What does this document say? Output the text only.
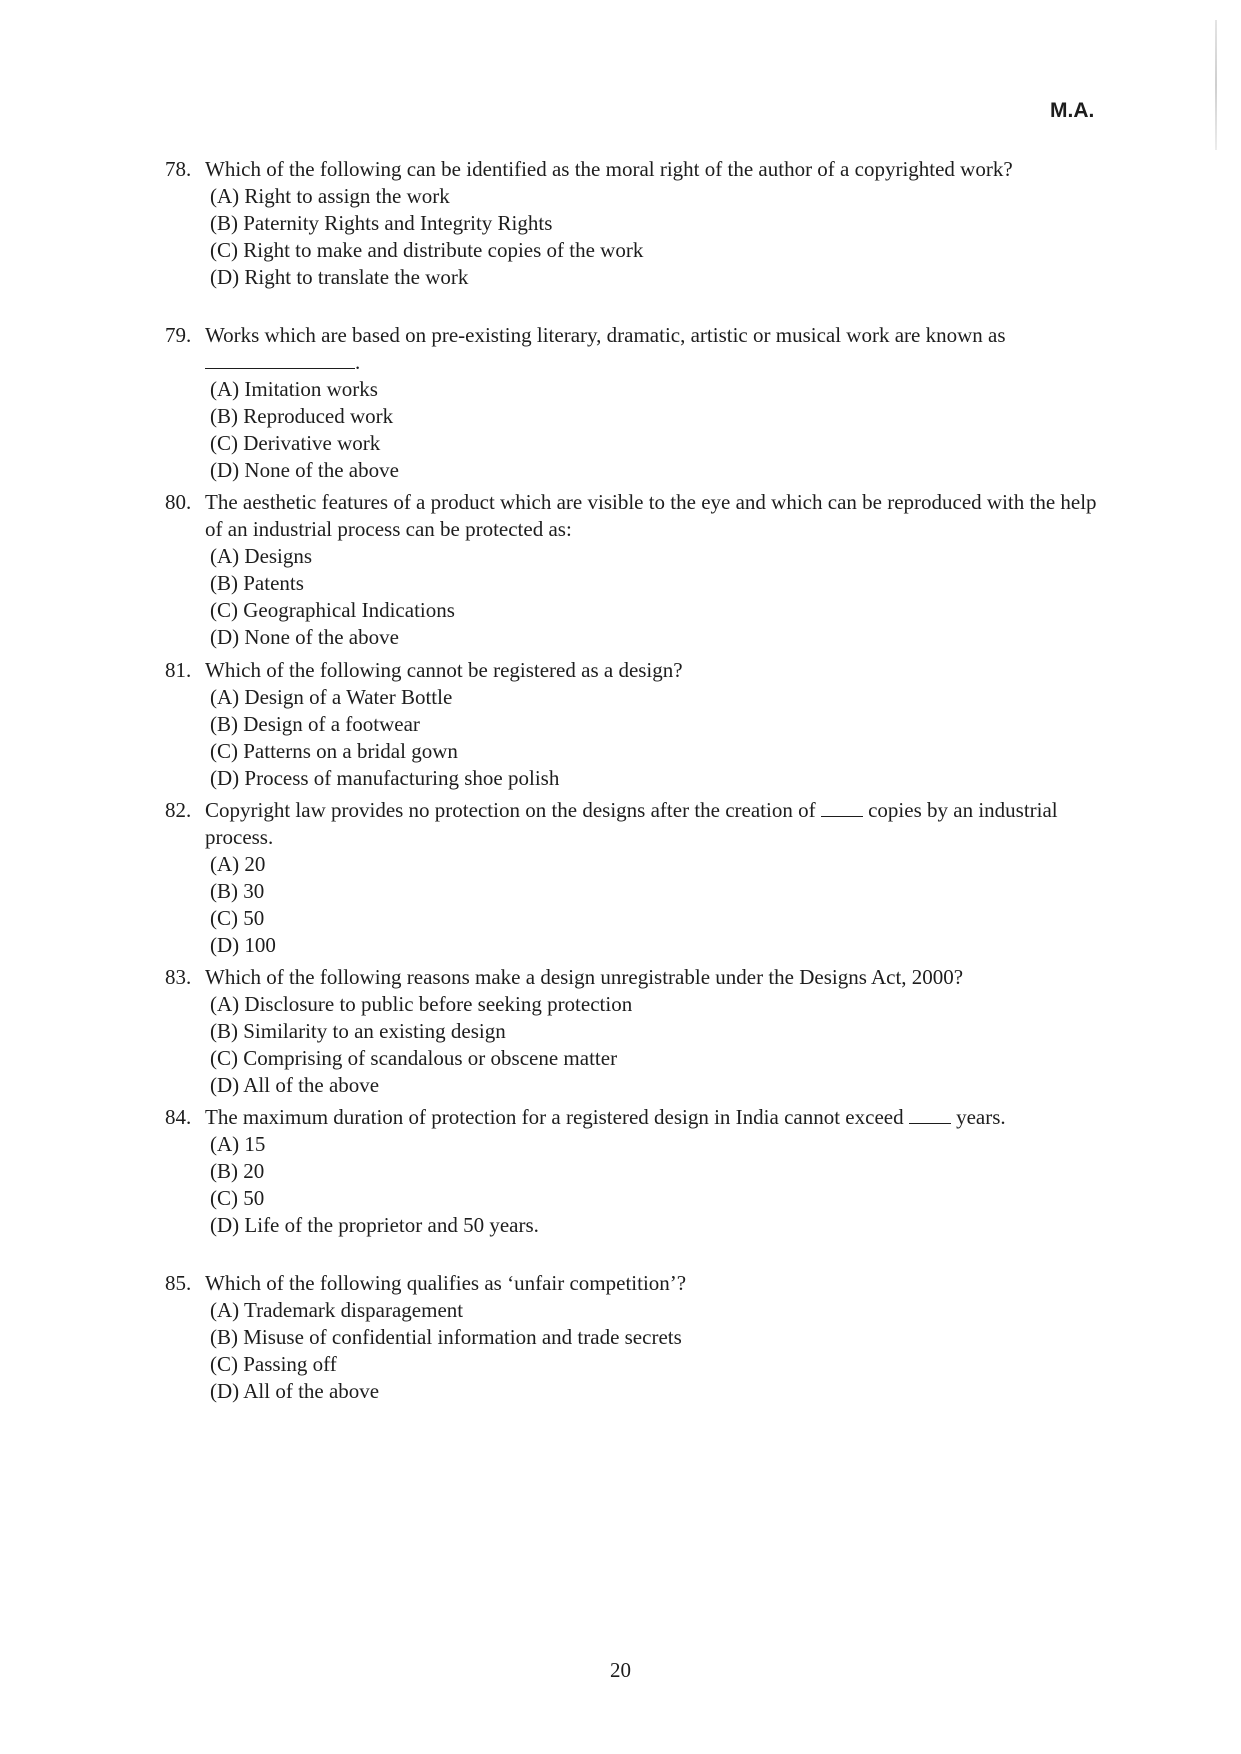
M.A.
78. Which of the following can be identified as the moral right of the author of a copyrighted work?
(A) Right to assign the work
(B) Paternity Rights and Integrity Rights
(C) Right to make and distribute copies of the work
(D) Right to translate the work
79. Works which are based on pre-existing literary, dramatic, artistic or musical work are known as .
(A) Imitation works
(B) Reproduced work
(C) Derivative work
(D) None of the above
80. The aesthetic features of a product which are visible to the eye and which can be reproduced with the help of an industrial process can be protected as:
(A) Designs
(B) Patents
(C) Geographical Indications
(D) None of the above
81. Which of the following cannot be registered as a design?
(A) Design of a Water Bottle
(B) Design of a footwear
(C) Patterns on a bridal gown
(D) Process of manufacturing shoe polish
82. Copyright law provides no protection on the designs after the creation of	copies by an industrial process.
(A) 20
(B) 30
(C) 50
(D) 100
83. Which of the following reasons make a design unregistrable under the Designs Act, 2000?
(A) Disclosure to public before seeking protection
(B) Similarity to an existing design
(C) Comprising of scandalous or obscene matter
(D) All of the above
84. The maximum duration of protection for a registered design in India cannot exceed	years.
(A) 15
(B) 20
(C) 50
(D) Life of the proprietor and 50 years.
85. Which of the following qualifies as ‘unfair competition’?
(A) Trademark disparagement
(B) Misuse of confidential information and trade secrets
(C) Passing off
(D) All of the above
20
